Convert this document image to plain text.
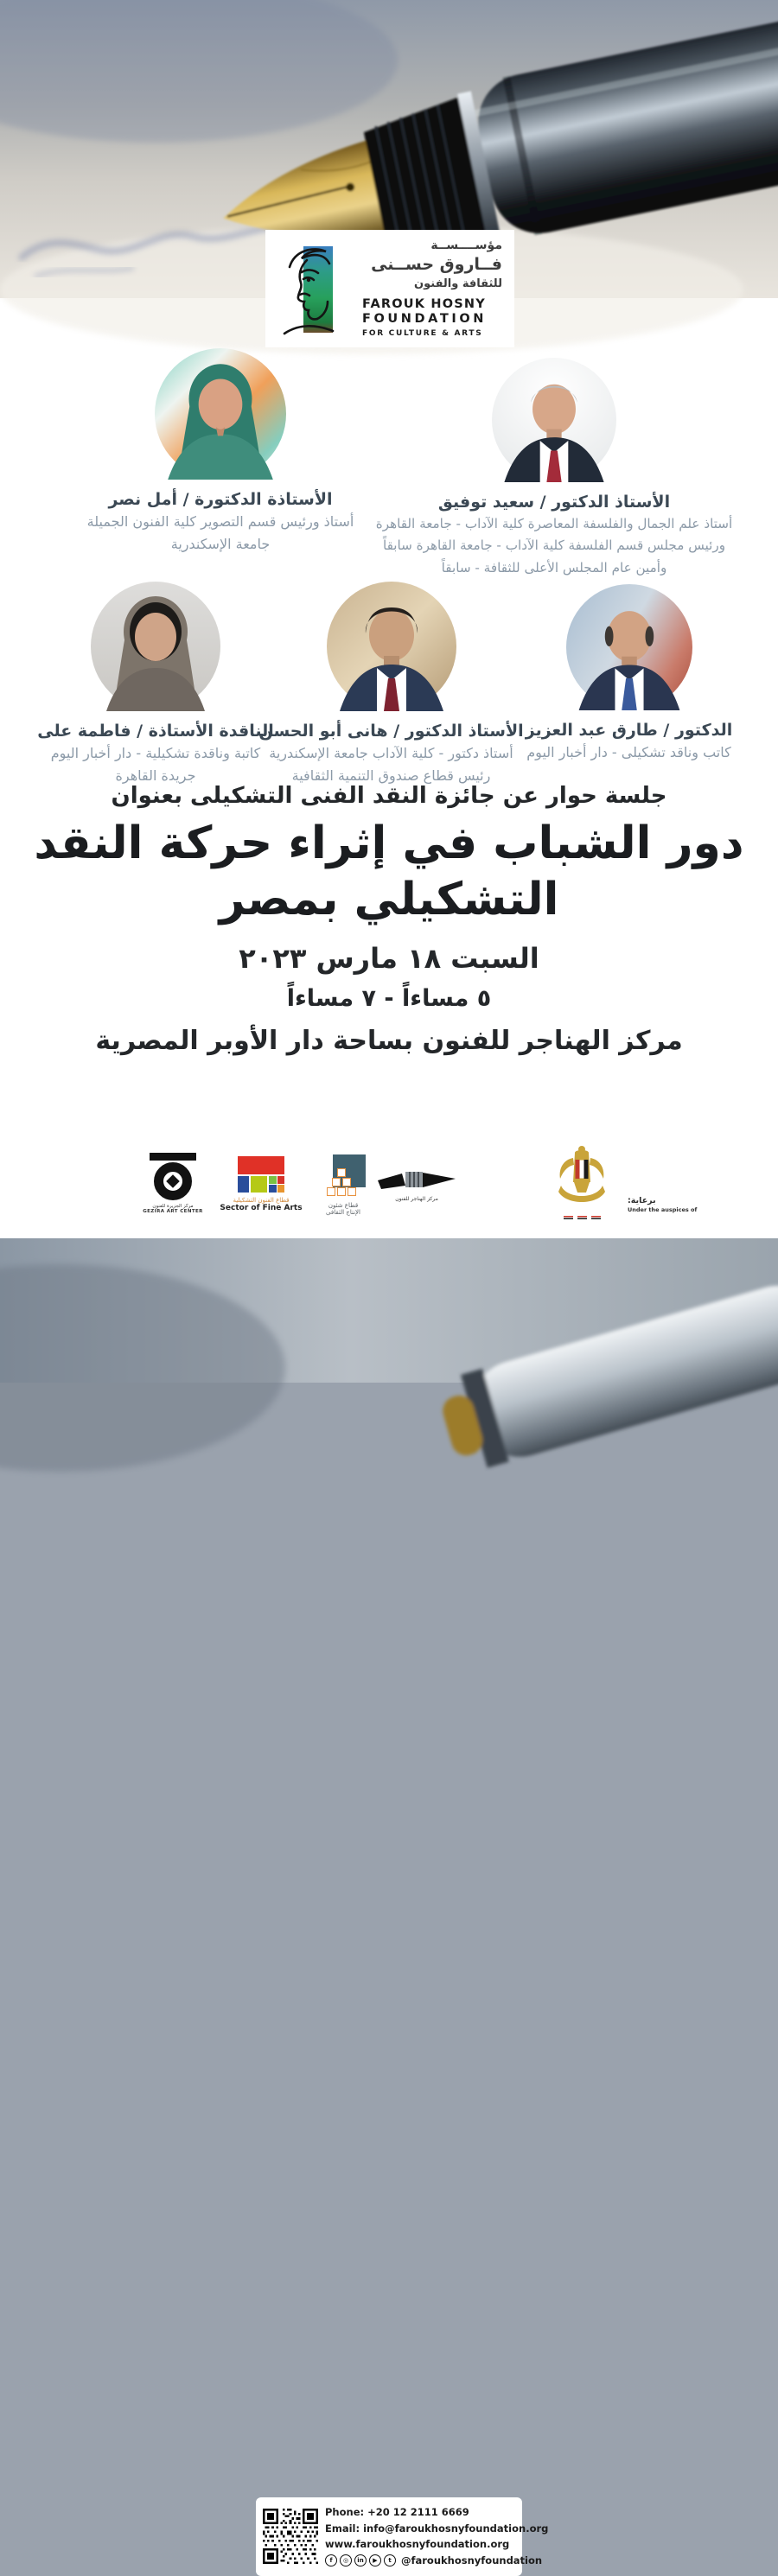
مؤســــســة
فــاروق حســنى
للثقافة والفنون
FAROUK HOSNY
FOUNDATION
FOR CULTURE & ARTS
الأستاذة الدكتورة / أمل نصر
أستاذ ورئيس قسم التصوير كلية الفنون الجميلة
جامعة الإسكندرية
الأستاذ الدكتور / سعيد توفيق
أستاذ علم الجمال والفلسفة المعاصرة كلية الآداب - جامعة القاهرة
ورئيس مجلس قسم الفلسفة كلية الآداب - جامعة القاهرة سابقاً
وأمين عام المجلس الأعلى للثقافة - سابقاً
الناقدة الأستاذة / فاطمة على
كاتبة وناقدة تشكيلية - دار أخبار اليوم
جريدة القاهرة
الأستاذ الدكتور / هانى أبو الحسن
أستاذ دكتور - كلية الآداب جامعة الإسكندرية
رئيس قطاع صندوق التنمية الثقافية
الدكتور / طارق عبد العزيز
كاتب وناقد تشكيلى - دار أخبار اليوم
جلسة حوار عن جائزة النقد الفنى التشكيلى بعنوان
دور الشباب في إثراء حركة النقد
التشكيلي بمصر
السبت ١٨ مارس ٢٠٢٣
٥ مساءاً - ٧ مساءاً
مركز الهناجر للفنون بساحة دار الأوبر المصرية
مركز الجزيرة للفنون
GEZIRA ART CENTER
قطاع الفنون التشكيلية
Sector of Fine Arts	قطاع شئون
الإنتاج الثقافى
مركز الهناجر للفنون	برعاية:
Under the auspices of
Phone: +20 12 2111 6669
Email: info@faroukhosnyfoundation.org
www.faroukhosnyfoundation.org
f	◎	in	▶	t @faroukhosnyfoundation
